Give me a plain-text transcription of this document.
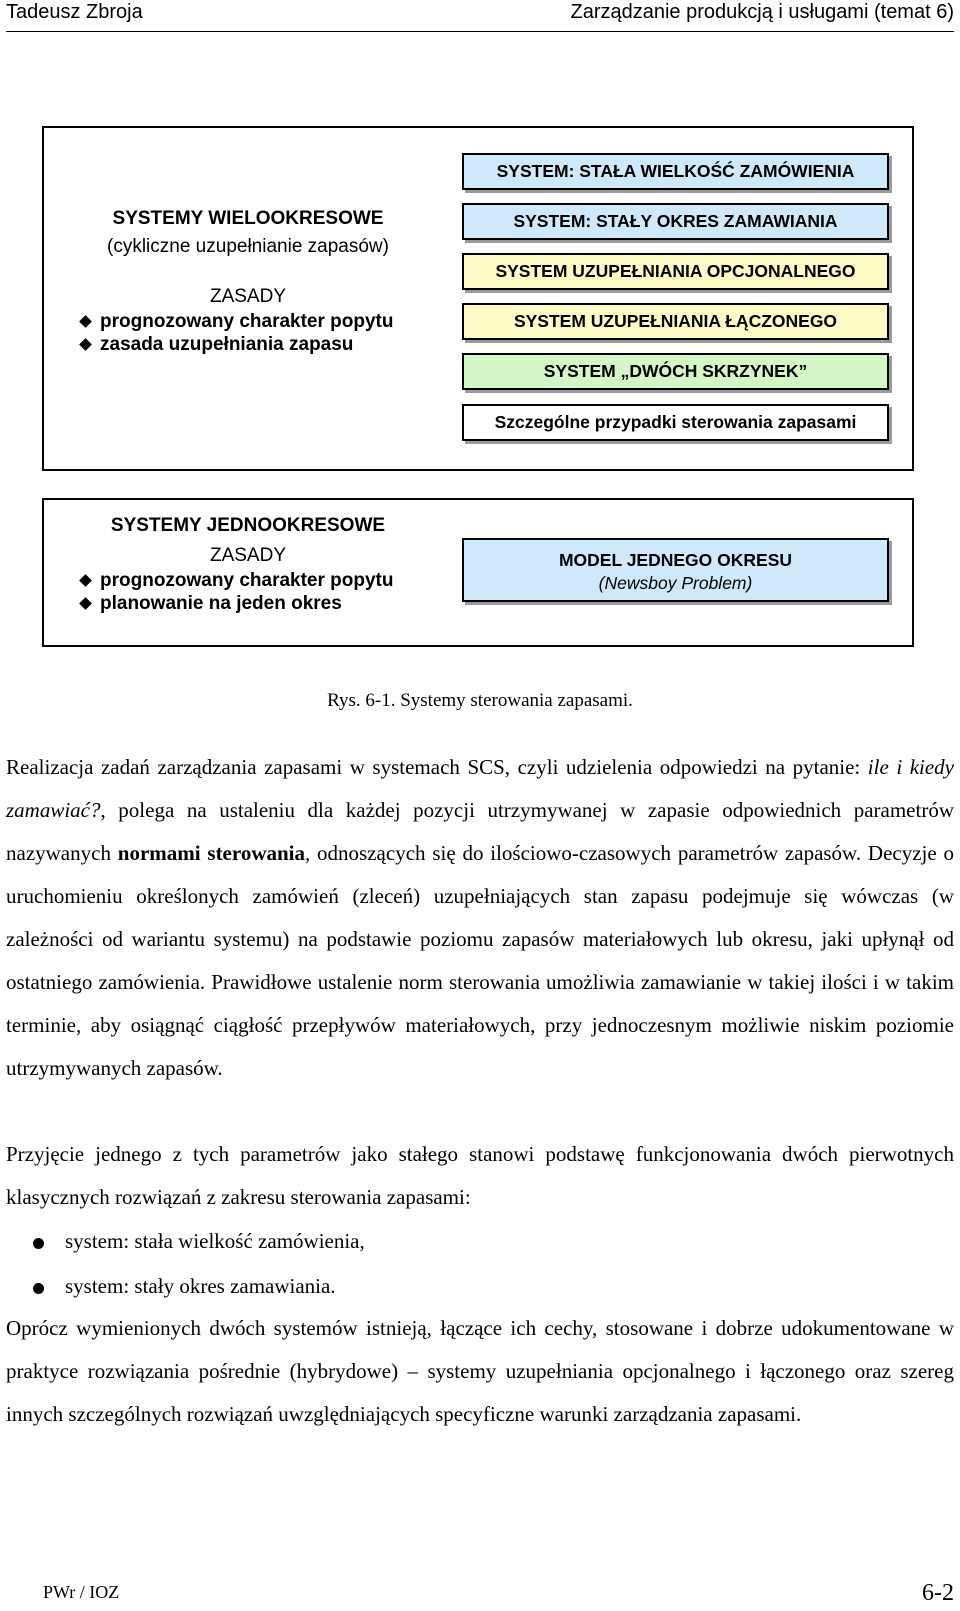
Tadeusz Zbroja	Zarządzanie produkcją i usługami (temat 6)
SYSTEMY WIELOOKRESOWE
(cykliczne uzupełnianie zapasów)
ZASADY
prognozowany charakter popytu
zasada uzupełniania zapasu
SYSTEM: STAŁA WIELKOŚĆ ZAMÓWIENIA
SYSTEM: STAŁY OKRES ZAMAWIANIA
SYSTEM UZUPEŁNIANIA OPCJONALNEGO
SYSTEM UZUPEŁNIANIA ŁĄCZONEGO
SYSTEM „DWÓCH SKRZYNEK”
Szczególne przypadki sterowania zapasami
SYSTEMY JEDNOOKRESOWE
ZASADY
prognozowany charakter popytu
planowanie na jeden okres
MODEL JEDNEGO OKRESU
(Newsboy Problem)
Rys. 6-1. Systemy sterowania zapasami.

Realizacja zadań zarządzania zapasami w systemach SCS, czyli udzielenia odpowiedzi na pytanie: ile i kiedy zamawiać?, polega na ustaleniu dla każdej pozycji utrzymywanej w zapasie odpowiednich parametrów nazywanych normami sterowania, odnoszących się do ilościowo-czasowych parametrów zapasów. Decyzje o uruchomieniu określonych zamówień (zleceń) uzupełniających stan zapasu podejmuje się wówczas (w zależności od wariantu systemu) na podstawie poziomu zapasów materiałowych lub okresu, jaki upłynął od ostatniego zamówienia. Prawidłowe ustalenie norm sterowania umożliwia zamawianie w takiej ilości i w takim terminie, aby osiągnąć ciągłość przepływów materiałowych, przy jednoczesnym możliwie niskim poziomie utrzymywanych zapasów.

Przyjęcie jednego z tych parametrów jako stałego stanowi podstawę funkcjonowania dwóch pierwotnych klasycznych rozwiązań z zakresu sterowania zapasami:
system: stała wielkość zamówienia,
system: stały okres zamawiania.
Oprócz wymienionych dwóch systemów istnieją, łączące ich cechy, stosowane i dobrze udokumentowane w praktyce rozwiązania pośrednie (hybrydowe) – systemy uzupełniania opcjonalnego i łączonego oraz szereg innych szczególnych rozwiązań uwzględniających specyficzne warunki zarządzania zapasami.
PWr / IOZ	6-2
